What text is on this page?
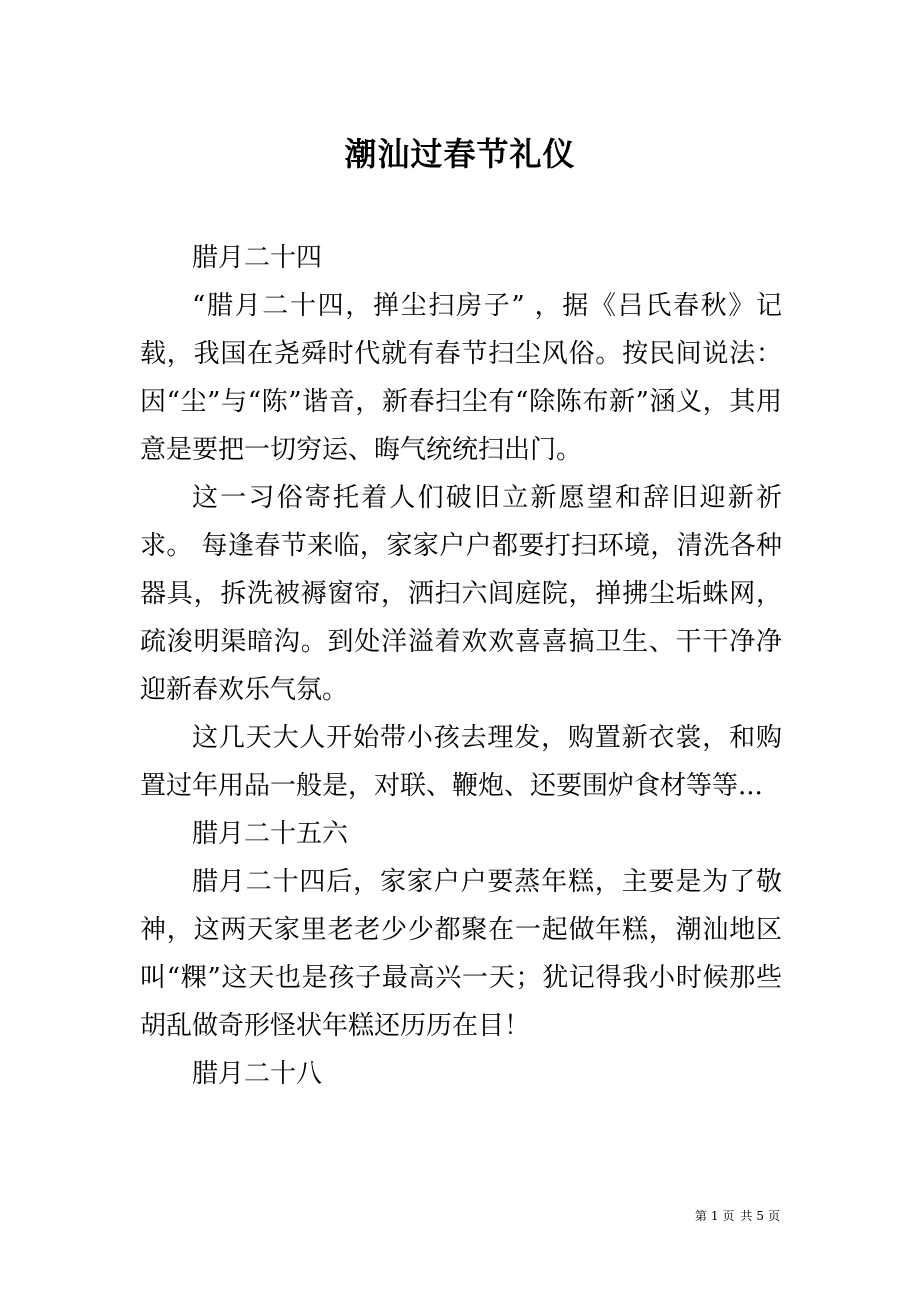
潮汕过春节礼仪

腊月二十四

“腊月二十四，掸尘扫房子” ，据《吕氏春秋》记载，我国在尧舜时代就有春节扫尘风俗。按民间说法：因“尘”与“陈”谐音，新春扫尘有“除陈布新”涵义，其用意是要把一切穷运、晦气统统扫出门。

这一习俗寄托着人们破旧立新愿望和辞旧迎新祈求。 每逢春节来临，家家户户都要打扫环境，清洗各种器具，拆洗被褥窗帘，洒扫六闾庭院，掸拂尘垢蛛网，疏浚明渠暗沟。到处洋溢着欢欢喜喜搞卫生、干干净净迎新春欢乐气氛。

这几天大人开始带小孩去理发，购置新衣裳，和购置过年用品一般是，对联、鞭炮、还要围炉食材等等...

腊月二十五六

腊月二十四后，家家户户要蒸年糕，主要是为了敬神，这两天家里老老少少都聚在一起做年糕，潮汕地区叫“粿”这天也是孩子最高兴一天；犹记得我小时候那些胡乱做奇形怪状年糕还历历在目！

腊月二十八

第 1 页 共 5 页
